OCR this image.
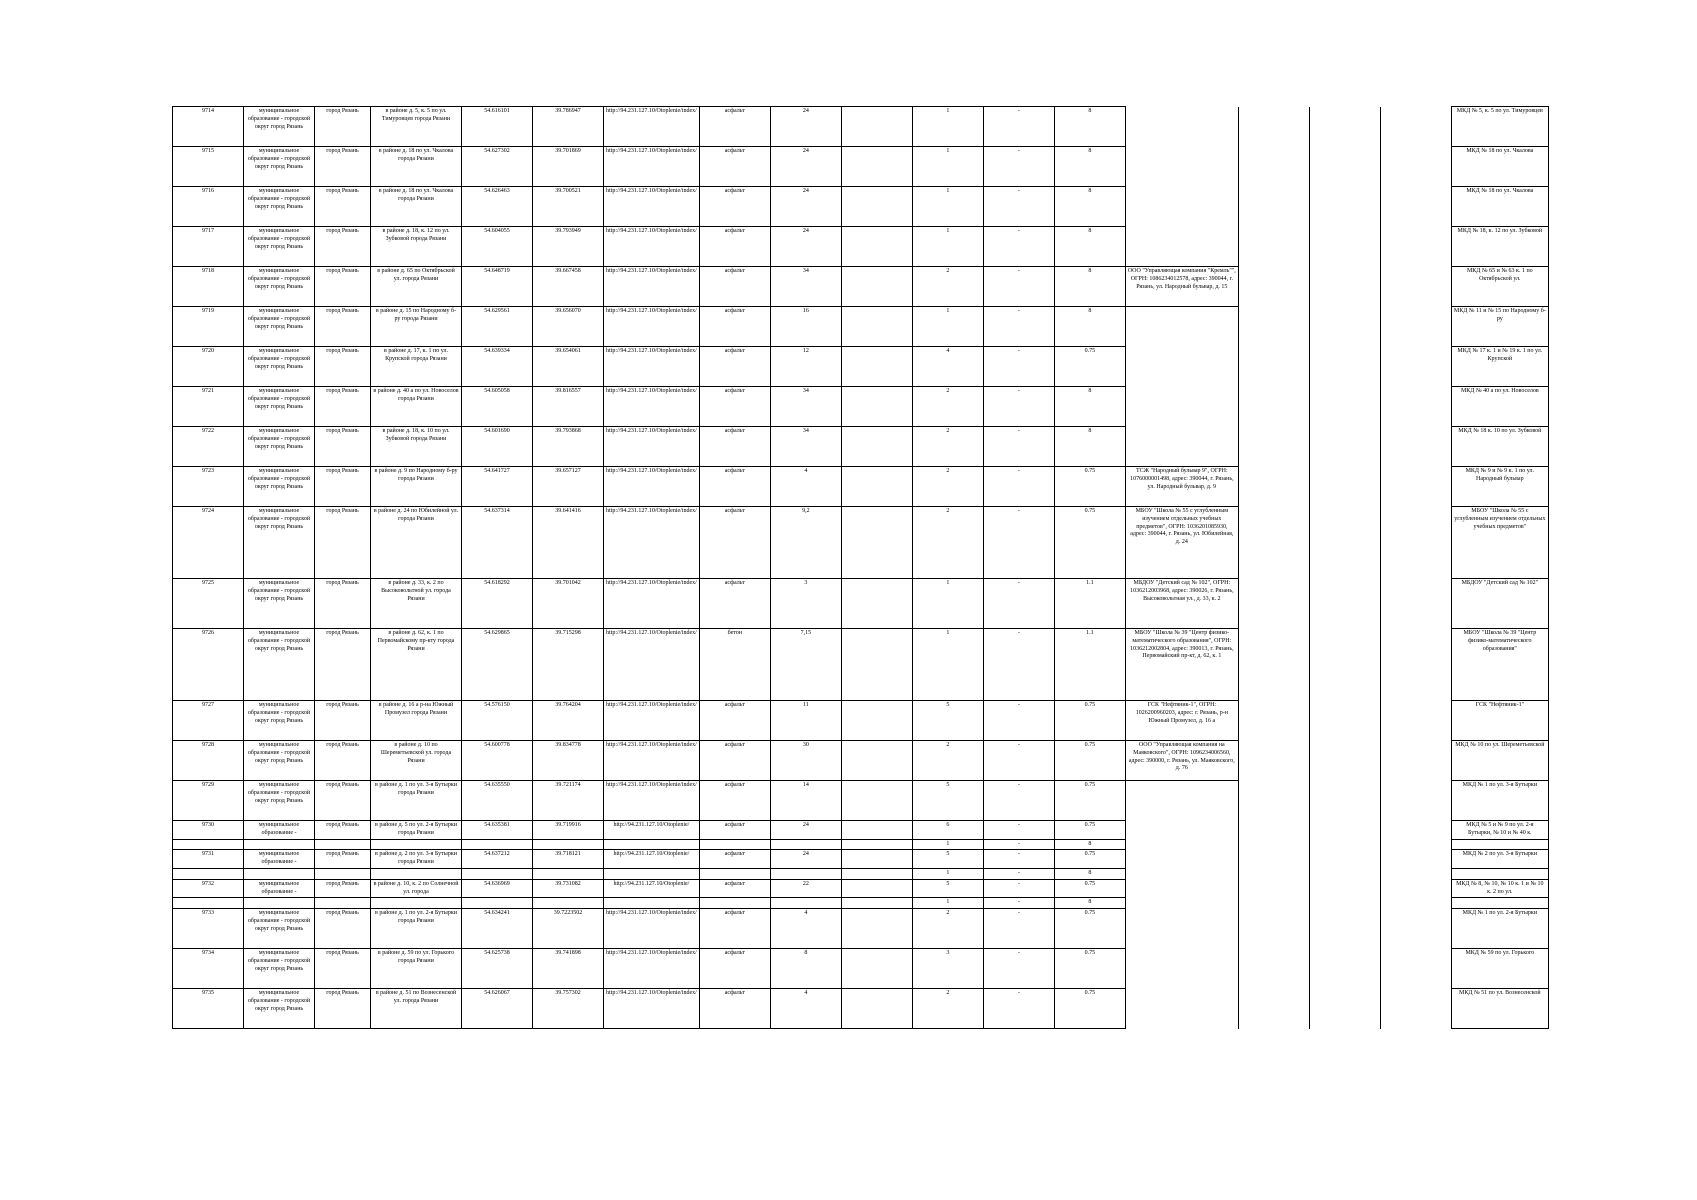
9714	муниципальное образование - городской округ город Рязань	город Рязань	в районе д. 5, к. 5 по ул. Тимуровцев города Рязани	54.616101	39.786947	http://94.231.127.10/Otoplenie/index/	асфальт	24		1	-	8					МКД № 5, к. 5 по ул. Тимуровцев
9715	муниципальное образование - городской округ город Рязань	город Рязань	в районе д. 18 по ул. Чкалова города Рязани	54.627302	39.701869	http://94.231.127.10/Otoplenie/index/	асфальт	24		1	-	8					МКД № 18 по ул. Чкалова
9716	муниципальное образование - городской округ город Рязань	город Рязань	в районе д. 18 по ул. Чкалова города Рязани	54.626463	39.700521	http://94.231.127.10/Otoplenie/index/	асфальт	24		1	-	8					МКД № 18 по ул. Чкалова
9717	муниципальное образование - городской округ город Рязань	город Рязань	в районе д. 18, к. 12 по ул. Зубковой города Рязани	54.604055	39.793949	http://94.231.127.10/Otoplenie/index/	асфальт	24		1	-	8					МКД № 18, к. 12 по ул. Зубковой
9718	муниципальное образование - городской округ город Рязань	город Рязань	в районе д. 65 по Октябрьской ул. города Рязани	54.648719	39.667458	http://94.231.127.10/Otoplenie/index/	асфальт	34		2	-	8	ООО "Управляющая компания "Кремль"", ОГРН: 1086234012578, адрес: 390044, г. Рязань, ул. Народный бульвар, д. 15				МКД № 65 и № 63 к. 1 по Октябрьской ул.
9719	муниципальное образование - городской округ город Рязань	город Рязань	в районе д. 15 по Народному б-ру города Рязани	54.629561	39.656070	http://94.231.127.10/Otoplenie/index/	асфальт	16		1	-	8					МКД № 11 и № 15 по Народному б-ру
9720	муниципальное образование - городской округ город Рязань	город Рязань	в районе д. 17, к. 1 по ул. Крупской города Рязани	54.639334	39.654061	http://94.231.127.10/Otoplenie/index/	асфальт	12		4	-	0.75					МКД № 17 к. 1 и № 19 к. 1 по ул. Крупской
9721	муниципальное образование - городской округ город Рязань	город Рязань	в районе д. 40 а по ул. Новоселов города Рязани	54.605058	39.816557	http://94.231.127.10/Otoplenie/index/	асфальт	34		2	-	8					МКД № 40 а по ул. Новоселов
9722	муниципальное образование - городской округ город Рязань	город Рязань	в районе д. 18, к. 10 по ул. Зубковой города Рязани	54.601690	39.793868	http://94.231.127.10/Otoplenie/index/	асфальт	34		2	-	8					МКД № 18 к. 10 по ул. Зубковой
9723	муниципальное образование - городской округ город Рязань	город Рязань	в районе д. 9 по Народному б-ру города Рязани	54.641727	39.657127	http://94.231.127.10/Otoplenie/index/	асфальт	4		2	-	0.75	ТСЖ "Народный бульвар 9", ОГРН: 1076000001498, адрес: 390044, г. Рязань, ул. Народный бульвар, д. 9				МКД № 9 и № 9 к. 1 по ул. Народный бульвар
9724	муниципальное образование - городской округ город Рязань	город Рязань	в районе д. 24 по Юбилейной ул. города Рязани	54.637314	39.641416	http://94.231.127.10/Otoplenie/index/	асфальт	9,2		2	-	0.75	МБОУ "Школа № 55 с углубленным изучением отдельных учебных предметов", ОГРН: 1036201085930, адрес: 390044, г. Рязань, ул. Юбилейная, д. 24				МБОУ "Школа № 55 с углубленным изучением отдельных учебных предметов"
9725	муниципальное образование - городской округ город Рязань	город Рязань	в районе д. 33, к. 2 по Высоковольтной ул. города Рязани	54.618292	39.701042	http://94.231.127.10/Otoplenie/index/	асфальт	3		1	-	1.1	МБДОУ "Детский сад № 102", ОГРН: 1036212003968, адрес: 390026, г. Рязань, Высоковольтная ул., д. 33, к. 2				МБДОУ "Детский сад № 102"
9726	муниципальное образование - городской округ город Рязань	город Рязань	в районе д. 62, к. 1 по Первомайскому пр-кту города Рязани	54.629865	39.715298	http://94.231.127.10/Otoplenie/index/	бетон	7,15		1	-	1.1	МБОУ "Школа № 39 "Центр физико-математического образования", ОГРН: 1036212002804, адрес: 390013, г. Рязань, Первомайский пр-кт, д. 62, к. 1				МБОУ "Школа № 39 "Центр физико-математического образования"
9727	муниципальное образование - городской округ город Рязань	город Рязань	в районе д. 16 а р-на Южный Промузел города Рязани	54.576150	39.764204	http://94.231.127.10/Otoplenie/index/	асфальт	11		5	-	0.75	ГСК "Нефтяник-1", ОГРН: 1026200960203, адрес: г. Рязань, р-н Южный Промузел, д. 16 а				ГСК "Нефтяник-1"
9728	муниципальное образование - городской округ город Рязань	город Рязань	в районе д. 10 по Шереметьевской ул. города Рязани	54.600778	39.834778	http://94.231.127.10/Otoplenie/index/	асфальт	30		2	-	0.75	ООО "Управляющая компания на Маяковского", ОГРН: 1096234006560, адрес: 390000, г. Рязань, ул. Маяковского, д. 76				МКД № 10 по ул. Шереметьевской
9729	муниципальное образование - городской округ город Рязань	город Рязань	в районе д. 1 по ул. 3-я Бутырки города Рязани	54.635550	39.721174	http://94.231.127.10/Otoplenie/index/	асфальт	14		5	-	0.75					МКД № 1 по ул. 3-я Бутырки
9730	муниципальное образование -	город Рязань	в районе д. 5 по ул. 2-я Бутырки города Рязани	54.635381	39.719916	http://94.231.127.10/Otoplenie/	асфальт	24		6	-	0.75					МКД № 5 и № 9 по ул. 2-я Бутырки, № 10 и № 40 к.
										1	-	8					
9731	муниципальное образование -	город Рязань	в районе д. 2 по ул. 3-я Бутырки города Рязани	54.637212	39.718121	http://94.231.127.10/Otoplenie/	асфальт	24		5	-	0.75					МКД № 2 по ул. 3-я Бутырки
										1	-	8					
9732	муниципальное образование -	город Рязань	в районе д. 10, к. 2 по Солнечной ул. города	54.636969	39.731082	http://94.231.127.10/Otoplenie/	асфальт	22		5	-	0.75					МКД № 8, № 10, № 10 к. 1 и № 10 к. 2 по ул.
										1	-	8					
9733	муниципальное образование - городской округ город Рязань	город Рязань	в районе д. 1 по ул. 2-я Бутырки города Рязани	54.634241	39.7223502	http://94.231.127.10/Otoplenie/index/	асфальт	4		2	-	0.75					МКД № 1 по ул. 2-я Бутырки
9734	муниципальное образование - городской округ город Рязань	город Рязань	в районе д. 59 по ул. Горького города Рязани	54.625738	39.741898	http://94.231.127.10/Otoplenie/index/	асфальт	8		3	-	0.75					МКД № 59 по ул. Горького
9735	муниципальное образование - городской округ город Рязань	город Рязань	в районе д. 51 по Вознесенской ул. города Рязани	54.626067	39.757302	http://94.231.127.10/Otoplenie/index/	асфальт	4		2	-	0.75					МКД № 51 по ул. Вознесенской
